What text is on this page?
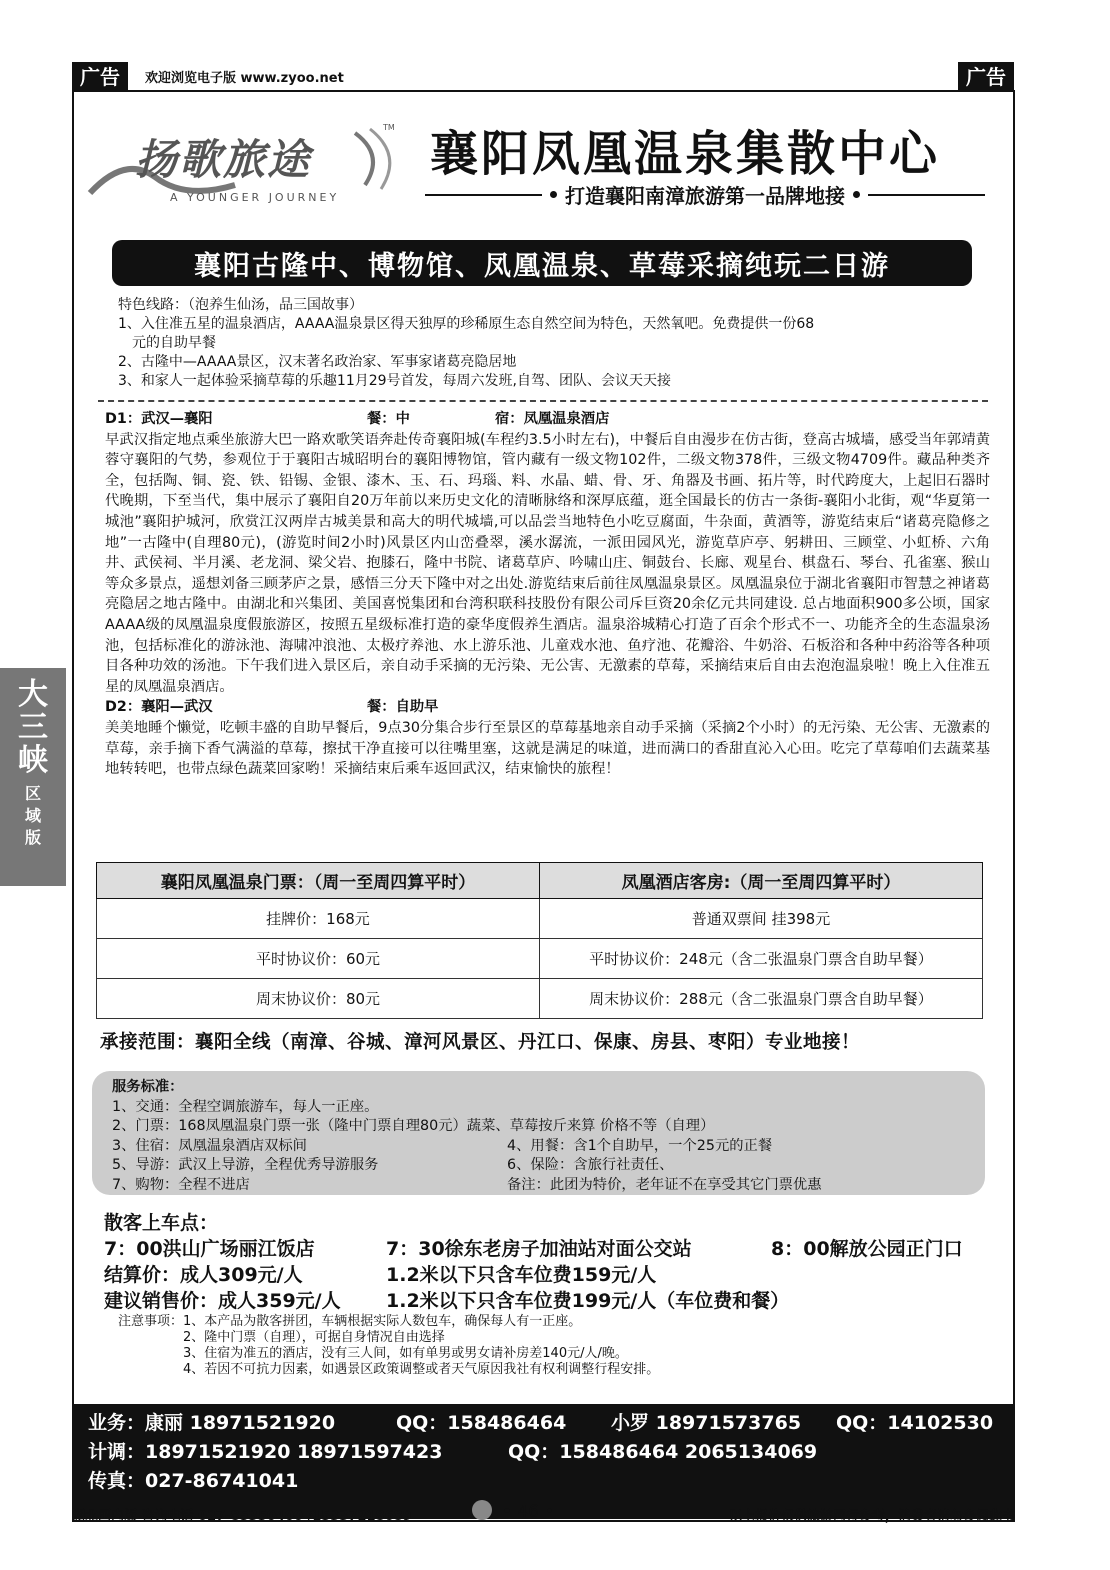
广告	欢迎浏览电子版 www.zyoo.net	广告
扬歌旅途
TM
A YOUNGER JOURNEY
襄阳凤凰温泉集散中心
打造襄阳南漳旅游第一品牌地接
襄阳古隆中、博物馆、凤凰温泉、草莓采摘纯玩二日游
特色线路：（泡养生仙汤，品三国故事）
1、入住准五星的温泉酒店，AAAA温泉景区得天独厚的珍稀原生态自然空间为特色，天然氧吧。免费提供一份68
　元的自助早餐
2、古隆中—AAAA景区，汉末著名政治家、军事家诸葛亮隐居地
3、和家人一起体验采摘草莓的乐趣11月29号首发，每周六发班,自驾、团队、会议天天接
D1：武汉—襄阳	餐：中	宿：凤凰温泉酒店
早武汉指定地点乘坐旅游大巴一路欢歌笑语奔赴传奇襄阳城(车程约3.5小时左右)，中餐后自由漫步在仿古街，登高古城墙，感受当年郭靖黄蓉守襄阳的气势，参观位于于襄阳古城昭明台的襄阳博物馆，管内藏有一级文物102件，二级文物378件，三级文物4709件。藏品种类齐全，包括陶、铜、瓷、铁、铅锡、金银、漆木、玉、石、玛瑙、料、水晶、蜡、骨、牙、角器及书画、拓片等，时代跨度大，上起旧石器时代晚期，下至当代，集中展示了襄阳自20万年前以来历史文化的清晰脉络和深厚底蕴，逛全国最长的仿古一条街-襄阳小北街，观“华夏第一城池”襄阳护城河，欣赏江汉两岸古城美景和高大的明代城墙,可以品尝当地特色小吃豆腐面，牛杂面，黄酒等，游览结束后“诸葛亮隐修之地”一古隆中(自理80元)，(游览时间2小时)风景区内山峦叠翠，溪水潺流，一派田园风光，游览草庐亭、躬耕田、三顾堂、小虹桥、六角井、武侯祠、半月溪、老龙洞、梁父岩、抱膝石，隆中书院、诸葛草庐、吟啸山庄、铜鼓台、长廊、观星台、棋盘石、琴台、孔雀塞、猴山等众多景点，遥想刘备三顾茅庐之景，感悟三分天下隆中对之出处.游览结束后前往凤凰温泉景区。凤凰温泉位于湖北省襄阳市智慧之神诸葛亮隐居之地古隆中。由湖北和兴集团、美国喜悦集团和台湾积联科技股份有限公司斥巨资20余亿元共同建设. 总占地面积900多公顷，国家AAAA级的凤凰温泉度假旅游区，按照五星级标准打造的豪华度假养生酒店。温泉浴城精心打造了百余个形式不一、功能齐全的生态温泉汤池，包括标准化的游泳池、海啸冲浪池、太极疗养池、水上游乐池、儿童戏水池、鱼疗池、花瓣浴、牛奶浴、石板浴和各种中药浴等各种项目各种功效的汤池。下午我们进入景区后，亲自动手采摘的无污染、无公害、无激素的草莓，采摘结束后自由去泡泡温泉啦！晚上入住准五星的凤凰温泉酒店。
D2：襄阳—武汉	餐：自助早
美美地睡个懒觉，吃顿丰盛的自助早餐后，9点30分集合步行至景区的草莓基地亲自动手采摘（采摘2个小时）的无污染、无公害、无激素的草莓，亲手摘下香气满溢的草莓，擦拭干净直接可以往嘴里塞，这就是满足的味道，进而满口的香甜直沁入心田。吃完了草莓咱们去蔬菜基地转转吧，也带点绿色蔬菜回家哟！采摘结束后乘车返回武汉，结束愉快的旅程！
大
三
峡
区
域
版
襄阳凤凰温泉门票：（周一至周四算平时）	凤凰酒店客房:（周一至周四算平时）
挂牌价：168元	普通双票间 挂398元
平时协议价：60元	平时协议价：248元（含二张温泉门票含自助早餐）
周末协议价：80元	周末协议价：288元（含二张温泉门票含自助早餐）
承接范围：襄阳全线（南漳、谷城、漳河风景区、丹江口、保康、房县、枣阳）专业地接！
服务标准：
1、交通：全程空调旅游车，每人一正座。
2、门票：168凤凰温泉门票一张（隆中门票自理80元）蔬菜、草莓按斤来算 价格不等（自理）
3、住宿：凤凰温泉酒店双标间	4、用餐：含1个自助早，一个25元的正餐
5、导游：武汉上导游，全程优秀导游服务	6、保险：含旅行社责任、
7、购物：全程不进店	备注：此团为特价，老年证不在享受其它门票优惠
散客上车点：
7：00洪山广场丽江饭店	7：30徐东老房子加油站对面公交站	8：00解放公园正门口
结算价：成人309元/人	1.2米以下只含车位费159元/人
建议销售价：成人359元/人	1.2米以下只含车位费199元/人（车位费和餐）
注意事项：1、本产品为散客拼团，车辆根据实际人数包车，确保每人有一正座。
　　　　　2、隆中门票（自理），可据自身情况自由选择
　　　　　3、住宿为准五的酒店，没有三人间，如有单男或男女请补房差140元/人/晚。
　　　　　4、若因不可抗力因素，如遇景区政策调整或者天气原因我社有权利调整行程安排。
业务：康丽 18971521920	QQ：158486464	小罗 18971573765	QQ：14102530
计调：18971521920 18971597423	QQ：158486464 2065134069
传真：027-86741041
湖北国内版 咨询电话 027-85350400 /15337218689	• 46 •	以上报价仅供旅游同行参考，消费者请勿参阅此书
